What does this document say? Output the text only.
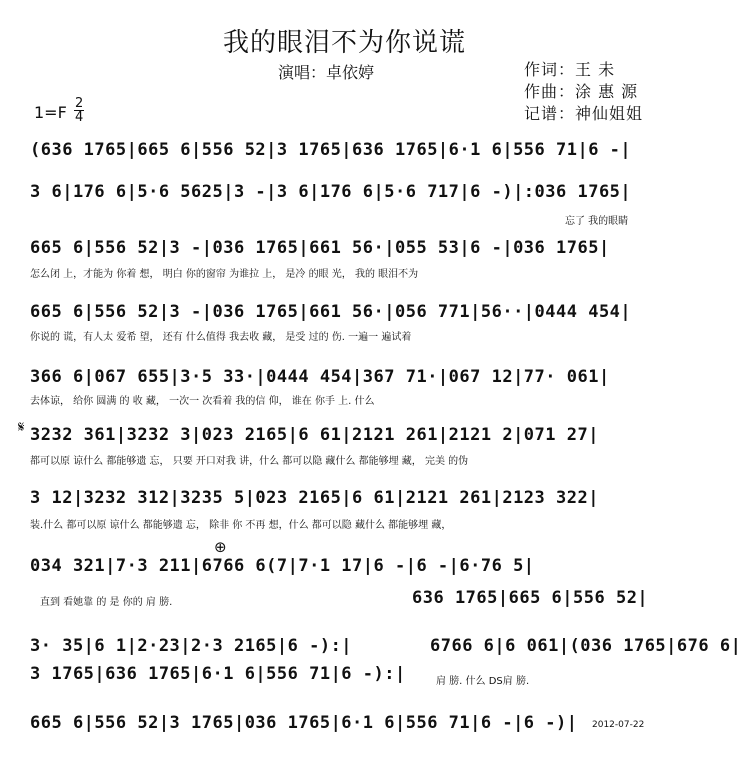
我的眼泪不为你说谎
演唱：卓依婷	作词：王 未
作曲：涂 惠 源
记谱：神仙姐姐
$1=F \frac{2}{4}$
(636 1765|665 6|556 52|3 1765|636 1765|6·1 6|556 71|6 -|
3 6|176 6|5·6 5625|3 -|3 6|176 6|5·6 717|6 -)|:036 1765|
忘了 我的眼睛
665 6|556 52|3 -|036 1765|661 56·|055 53|6 -|036 1765|
怎么闭 上，才能为 你着 想， 明白 你的窗帘 为谁拉 上， 是冷 的眼 光， 我的 眼泪不为
665 6|556 52|3 -|036 1765|661 56·|056 771|56··|0444 454|
你说的 谎，有人太 爱希 望， 还有 什么值得 我去收 藏， 是受 过的 伤. 一遍一 遍试着
366 6|067 655|3·5 33·|0444 454|367 71·|067 12|77· 061|
去体谅， 给你 圆满 的 收 藏， 一次一 次看着 我的信 仰， 谁在 你手 上. 什么
𝄋 3232 361|3232 3|023 2165|6 61|2121 261|2121 2|071 27|
都可以原 谅什么 都能够遗 忘， 只要 开口对我 讲，什么 都可以隐 藏什么 都能够埋 藏， 完美 的伪
3 12|3232 312|3235 5|023 2165|6 61|2121 261|2123 322|
装.什么 都可以原 谅什么 都能够遗 忘， 除非 你 不再 想，什么 都可以隐 藏什么 都能够埋 藏，
⊕
034 321|7·3 211|6766 6(7|7·1 17|6 -|6 -|6·76 5|
直到 看她靠 的 是 你的 肩 膀.	636 1765|665 6|556 52|
3· 35|6 1|2·23|2·3 2165|6 -):|
3 1765|636 1765|6·1 6|556 71|6 -):|
6766 6|6 061|(036 1765|676 6|
肩 膀. 什么 DS肩 膀.
665 6|556 52|3 1765|036 1765|6·1 6|556 71|6 -|6 -)| 2012-07-22
